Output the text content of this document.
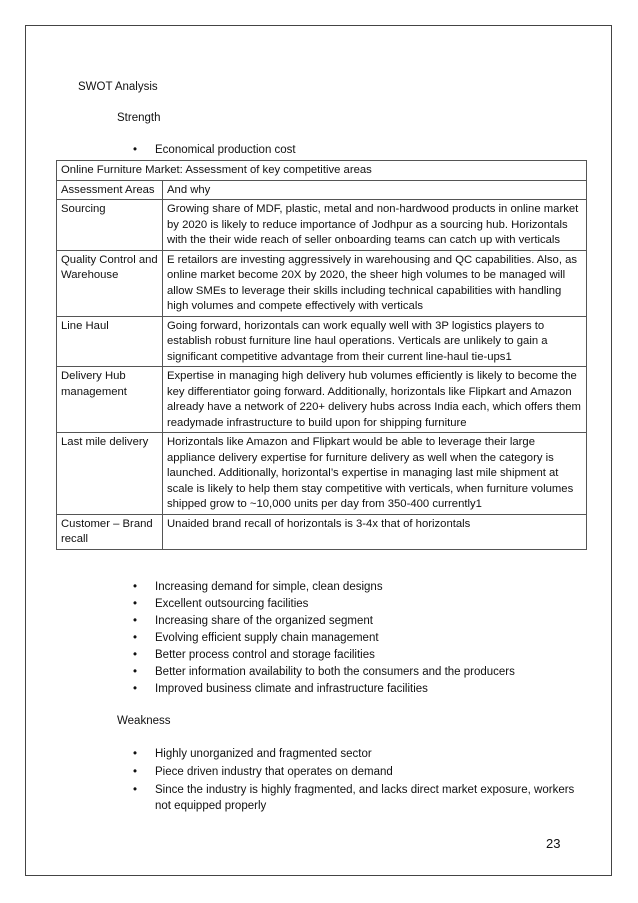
SWOT Analysis
Strength
•	Economical production cost
Online Furniture Market: Assessment of key competitive areas	
Assessment Areas	And why
Sourcing	Growing share of MDF, plastic, metal and non-hardwood products in online market by 2020 is likely to reduce importance of Jodhpur as a sourcing hub. Horizontals with the their wide reach of seller onboarding teams can catch up with verticals
Quality Control and Warehouse	E retailors are investing aggressively in warehousing and QC capabilities. Also, as online market become 20X by 2020, the sheer high volumes to be managed will allow SMEs to leverage their skills including technical capabilities with handling high volumes and compete effectively with verticals
Line Haul	Going forward, horizontals can work equally well with 3P logistics players to establish robust furniture line haul operations. Verticals are unlikely to gain a significant competitive advantage from their current line-haul tie-ups1
Delivery Hub management	Expertise in managing high delivery hub volumes efficiently is likely to become the key differentiator going forward. Additionally, horizontals like Flipkart and Amazon already have a network of 220+ delivery hubs across India each, which offers them readymade infrastructure to build upon for shipping furniture
Last mile delivery	Horizontals like Amazon and Flipkart would be able to leverage their large appliance delivery expertise for furniture delivery as well when the category is launched. Additionally, horizontal’s expertise in managing last mile shipment at scale is likely to help them stay competitive with verticals, when furniture volumes shipped grow to ~10,000 units per day from 350-400 currently1
Customer – Brand recall	Unaided brand recall of horizontals is 3-4x that of horizontals
•	Increasing demand for simple, clean designs
•	Excellent outsourcing facilities
•	Increasing share of the organized segment
•	Evolving efficient supply chain management
•	Better process control and storage facilities
•	Better information availability to both the consumers and the producers
•	Improved business climate and infrastructure facilities
Weakness
•	Highly unorganized and fragmented sector
•	Piece driven industry that operates on demand
•	Since the industry is highly fragmented, and lacks direct market exposure, workers not equipped properly
23
